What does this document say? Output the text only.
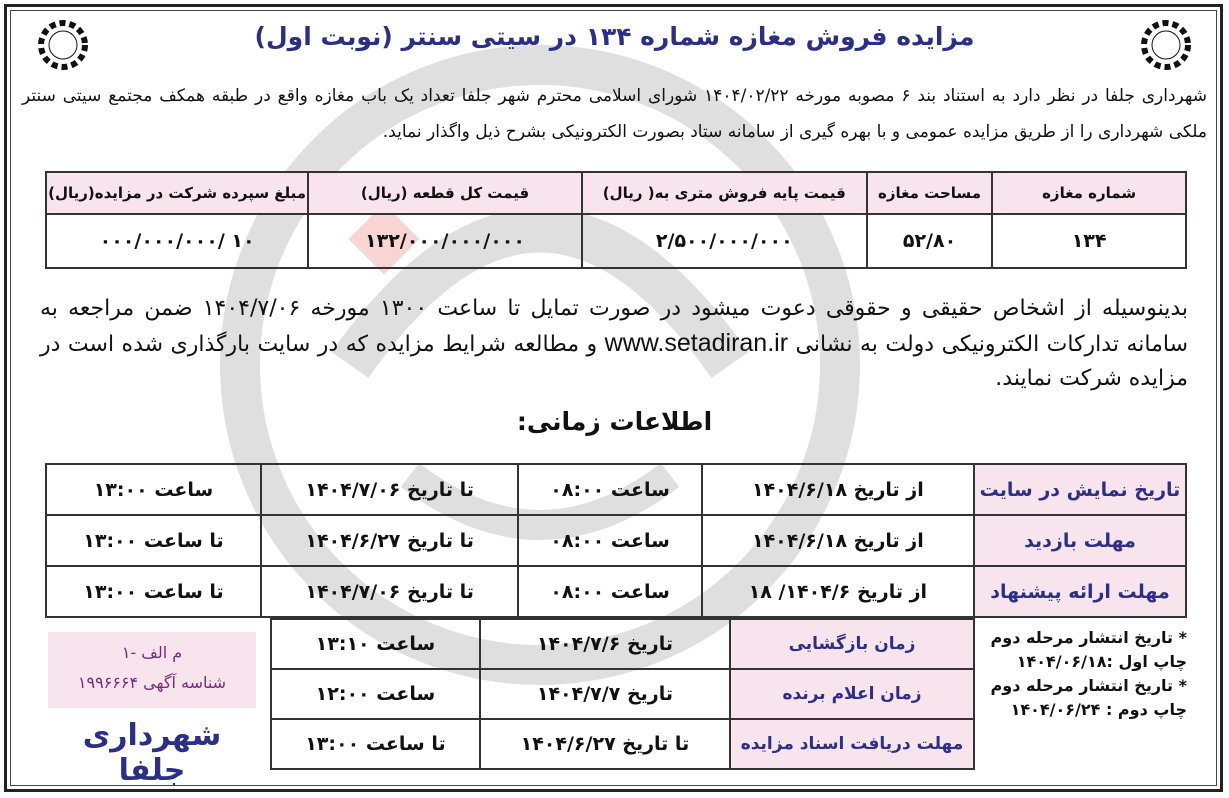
مزایده فروش مغازه شماره ۱۳۴ در سیتی سنتر (نوبت اول)
شهرداری جلفا در نظر دارد به استناد بند ۶ مصوبه مورخه ۱۴۰۴/۰۲/۲۲ شورای اسلامی محترم شهر جلفا تعداد یک باب مغازه واقع در طبقه همکف مجتمع سیتی سنتر ملکی شهرداری را از طریق مزایده عمومی و با بهره گیری از سامانه ستاد بصورت الکترونیکی بشرح ذیل واگذار نماید.
شماره مغازه	مساحت مغازه	قیمت پایه فروش متری به( ریال)	قیمت کل قطعه (ریال)	مبلغ سپرده شرکت در مزایده(ریال)
۱۳۴	۵۲/۸۰	۲/۵۰۰/۰۰۰/۰۰۰	۱۳۲/۰۰۰/۰۰۰/۰۰۰	۱۰ /۰۰۰/۰۰۰/۰۰۰
بدینوسیله از اشخاص حقیقی و حقوقی دعوت میشود در صورت تمایل تا ساعت ۱۳۰۰ مورخه ۱۴۰۴/۷/۰۶ ضمن مراجعه به سامانه تدارکات الکترونیکی دولت به نشانی www.setadiran.ir و مطالعه شرایط مزایده که در سایت بارگذاری شده است در مزایده شرکت نمایند.
اطلاعات زمانی:
تاریخ نمایش در سایت	از تاریخ ۱۴۰۴/۶/۱۸	ساعت ۰۸:۰۰	تا تاریخ ۱۴۰۴/۷/۰۶	ساعت ۱۳:۰۰
مهلت بازدید	از تاریخ ۱۴۰۴/۶/۱۸	ساعت ۰۸:۰۰	تا تاریخ ۱۴۰۴/۶/۲۷	تا ساعت ۱۳:۰۰
مهلت ارائه پیشنهاد	از تاریخ ۱۴۰۴/۶/ ۱۸	ساعت ۰۸:۰۰	تا تاریخ ۱۴۰۴/۷/۰۶	تا ساعت ۱۳:۰۰
زمان بازگشایی	تاریخ ۱۴۰۴/۷/۶	ساعت ۱۳:۱۰
زمان اعلام برنده	تاریخ ۱۴۰۴/۷/۷	ساعت ۱۲:۰۰
مهلت دریافت اسناد مزایده	تا تاریخ ۱۴۰۴/۶/۲۷	تا ساعت ۱۳:۰۰
* تاریخ انتشار مرحله دوم
چاپ اول :۱۴۰۴/۰۶/۱۸
* تاریخ انتشار مرحله دوم
چاپ دوم : ۱۴۰۴/۰۶/۲۴
م الف -۱
شناسه آگهی ۱۹۹۶۶۶۴
شهرداری جلفا
